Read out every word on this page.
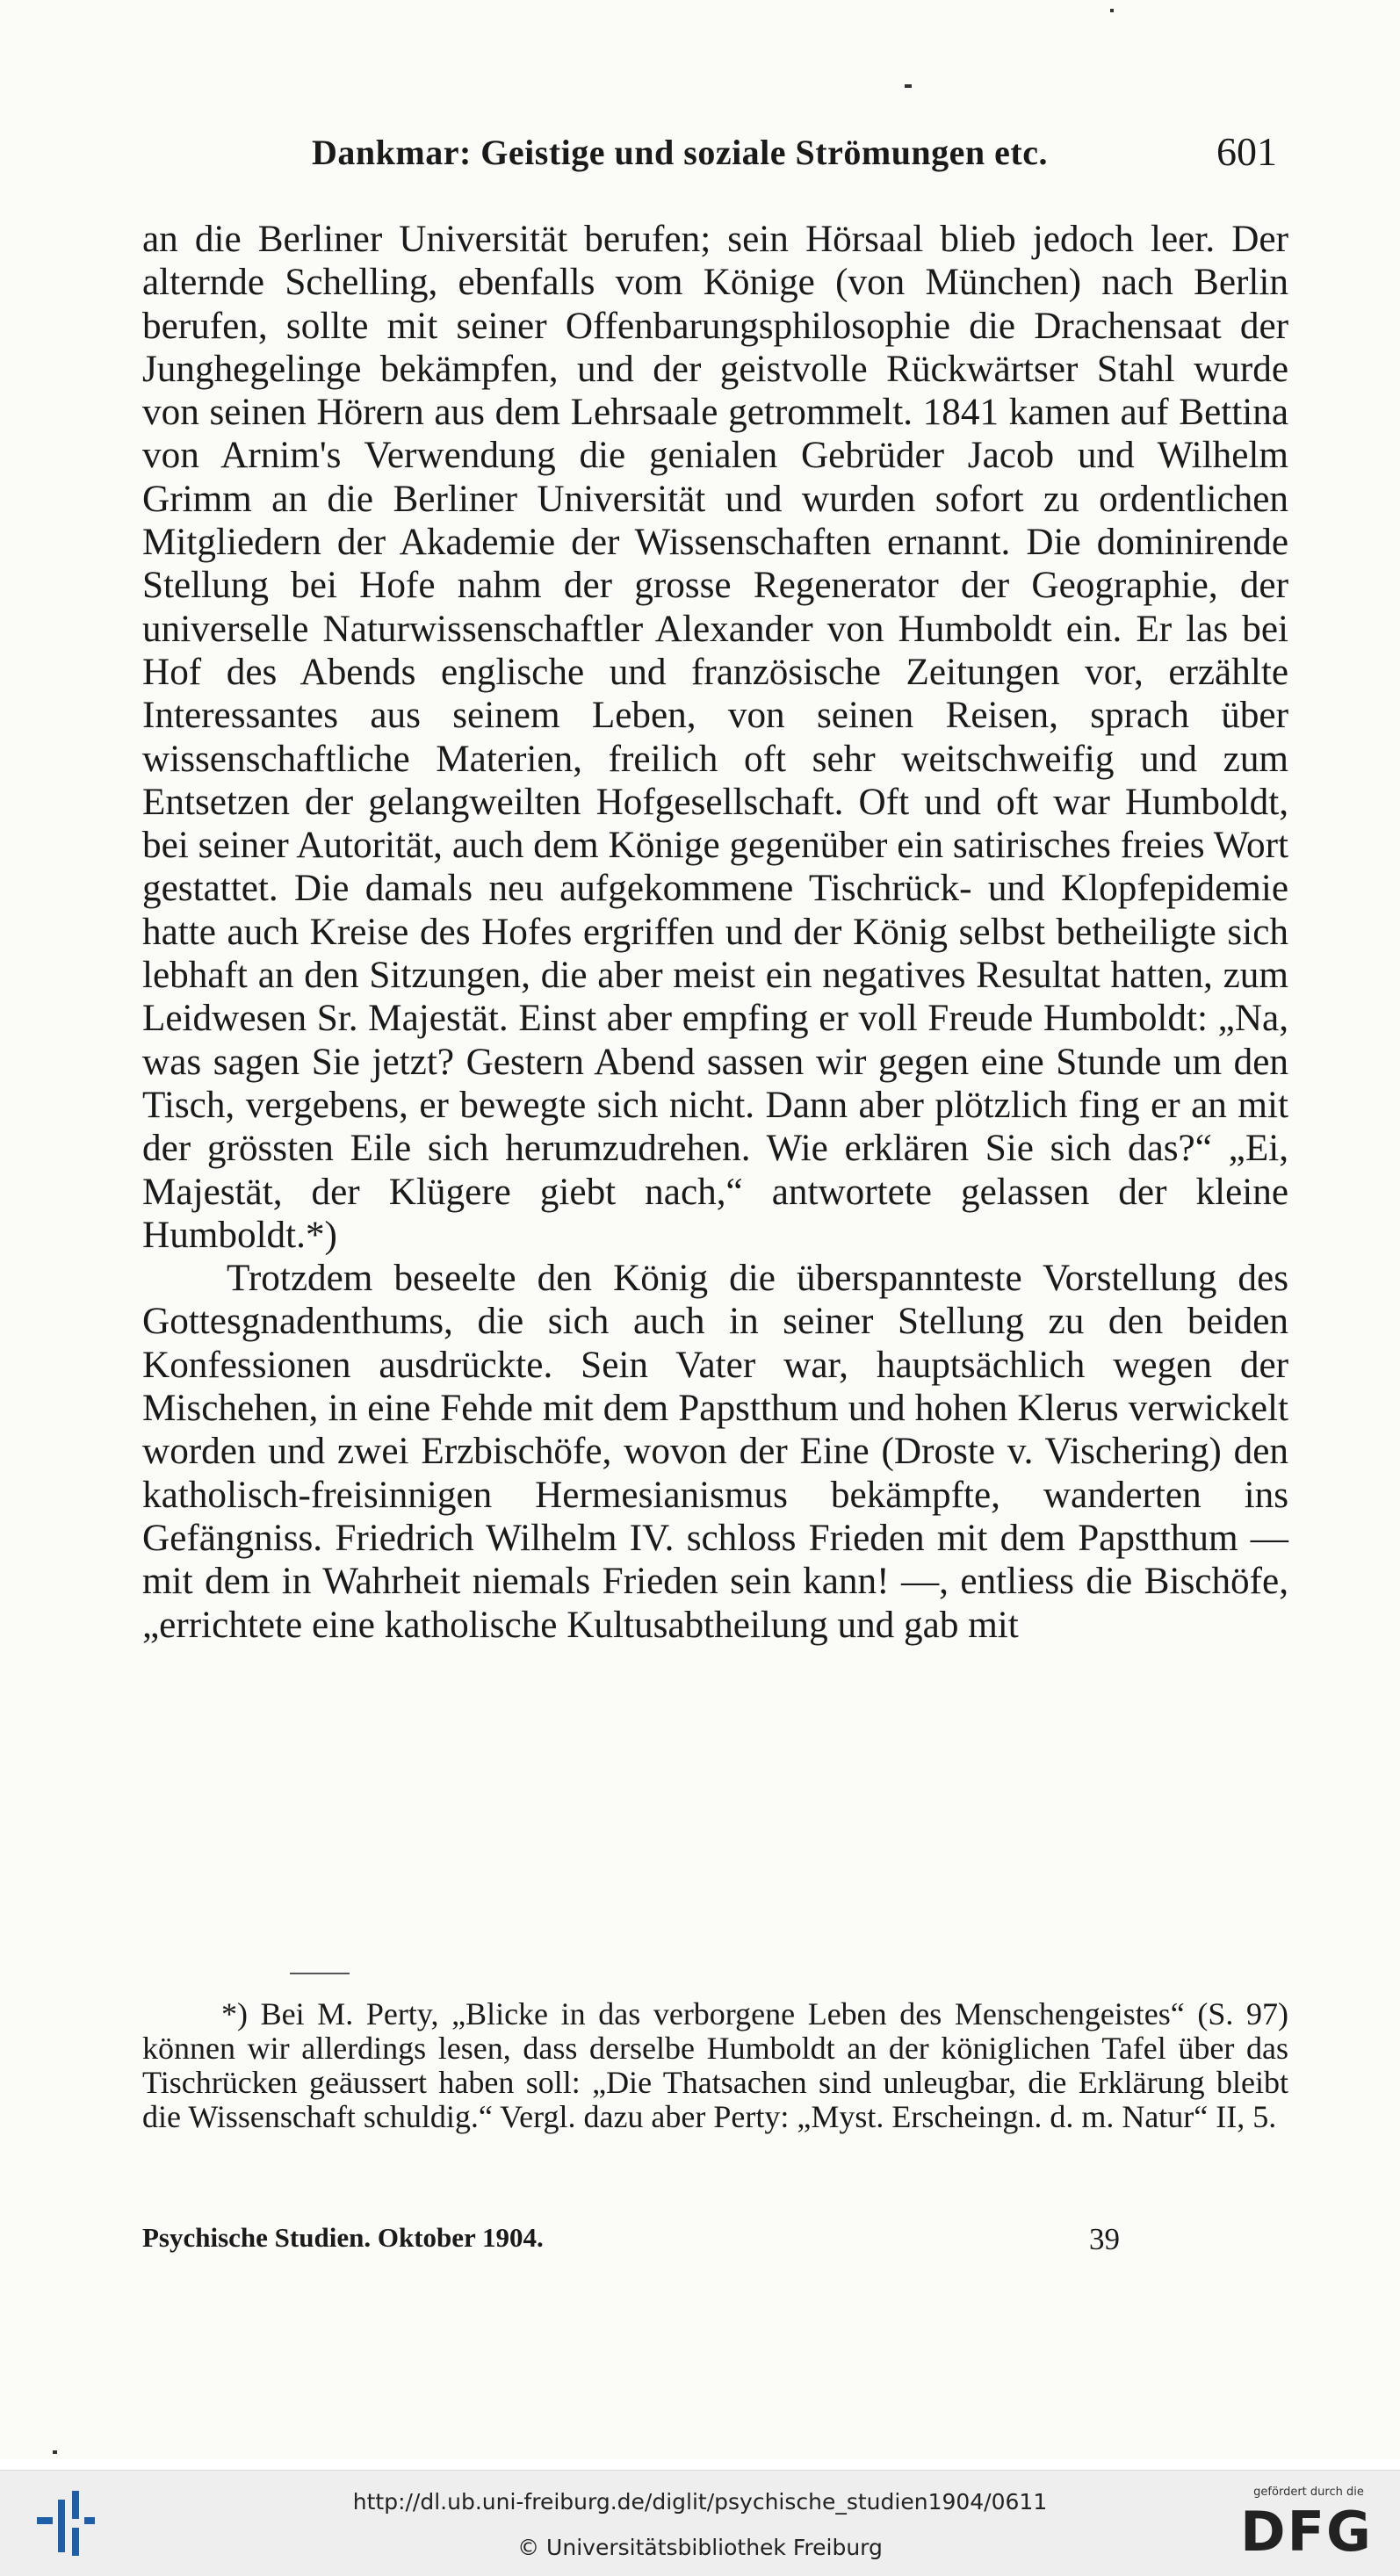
Dankmar: Geistige und soziale Strömungen etc.	601

an die Berliner Universität berufen; sein Hörsaal blieb jedoch leer. Der alternde Schelling, ebenfalls vom Könige (von München) nach Berlin berufen, sollte mit seiner Offenbarungsphilosophie die Drachensaat der Junghegelinge bekämpfen, und der geistvolle Rückwärtser Stahl wurde von seinen Hörern aus dem Lehrsaale getrommelt. 1841 kamen auf Bettina von Arnim's Verwendung die genialen Gebrüder Jacob und Wilhelm Grimm an die Berliner Universität und wurden sofort zu ordentlichen Mitgliedern der Akademie der Wissenschaften ernannt. Die dominirende Stellung bei Hofe nahm der grosse Regenerator der Geographie, der universelle Naturwissenschaftler Alexander von Humboldt ein. Er las bei Hof des Abends englische und französische Zeitungen vor, erzählte Interessantes aus seinem Leben, von seinen Reisen, sprach über wissenschaftliche Materien, freilich oft sehr weitschweifig und zum Entsetzen der gelangweilten Hofgesellschaft. Oft und oft war Humboldt, bei seiner Autorität, auch dem Könige gegenüber ein satirisches freies Wort gestattet. Die damals neu aufgekommene Tischrück- und Klopfepidemie hatte auch Kreise des Hofes ergriffen und der König selbst betheiligte sich lebhaft an den Sitzungen, die aber meist ein negatives Resultat hatten, zum Leidwesen Sr. Majestät. Einst aber empfing er voll Freude Humboldt: „Na, was sagen Sie jetzt? Gestern Abend sassen wir gegen eine Stunde um den Tisch, vergebens, er bewegte sich nicht. Dann aber plötzlich fing er an mit der grössten Eile sich herumzudrehen. Wie erklären Sie sich das?“ „Ei, Majestät, der Klügere giebt nach,“ antwortete gelassen der kleine Humboldt.*)

Trotzdem beseelte den König die überspannteste Vorstellung des Gottesgnadenthums, die sich auch in seiner Stellung zu den beiden Konfessionen ausdrückte. Sein Vater war, hauptsächlich wegen der Mischehen, in eine Fehde mit dem Papstthum und hohen Klerus verwickelt worden und zwei Erzbischöfe, wovon der Eine (Droste v. Vischering) den katholisch-freisinnigen Hermesianismus bekämpfte, wanderten ins Gefängniss. Friedrich Wilhelm IV. schloss Frieden mit dem Papstthum — mit dem in Wahrheit niemals Frieden sein kann! —, entliess die Bischöfe, „errichtete eine katholische Kultusabtheilung und gab mit

*) Bei M. Perty, „Blicke in das verborgene Leben des Menschengeistes“ (S. 97) können wir allerdings lesen, dass derselbe Humboldt an der königlichen Tafel über das Tischrücken geäussert haben soll: „Die Thatsachen sind unleugbar, die Erklärung bleibt die Wissenschaft schuldig.“ Vergl. dazu aber Perty: „Myst. Erscheingn. d. m. Natur“ II, 5.

Psychische Studien. Oktober 1904.	39
http://dl.ub.uni-freiburg.de/diglit/psychische_studien1904/0611
© Universitätsbibliothek Freiburg
gefördert durch die
DFG
